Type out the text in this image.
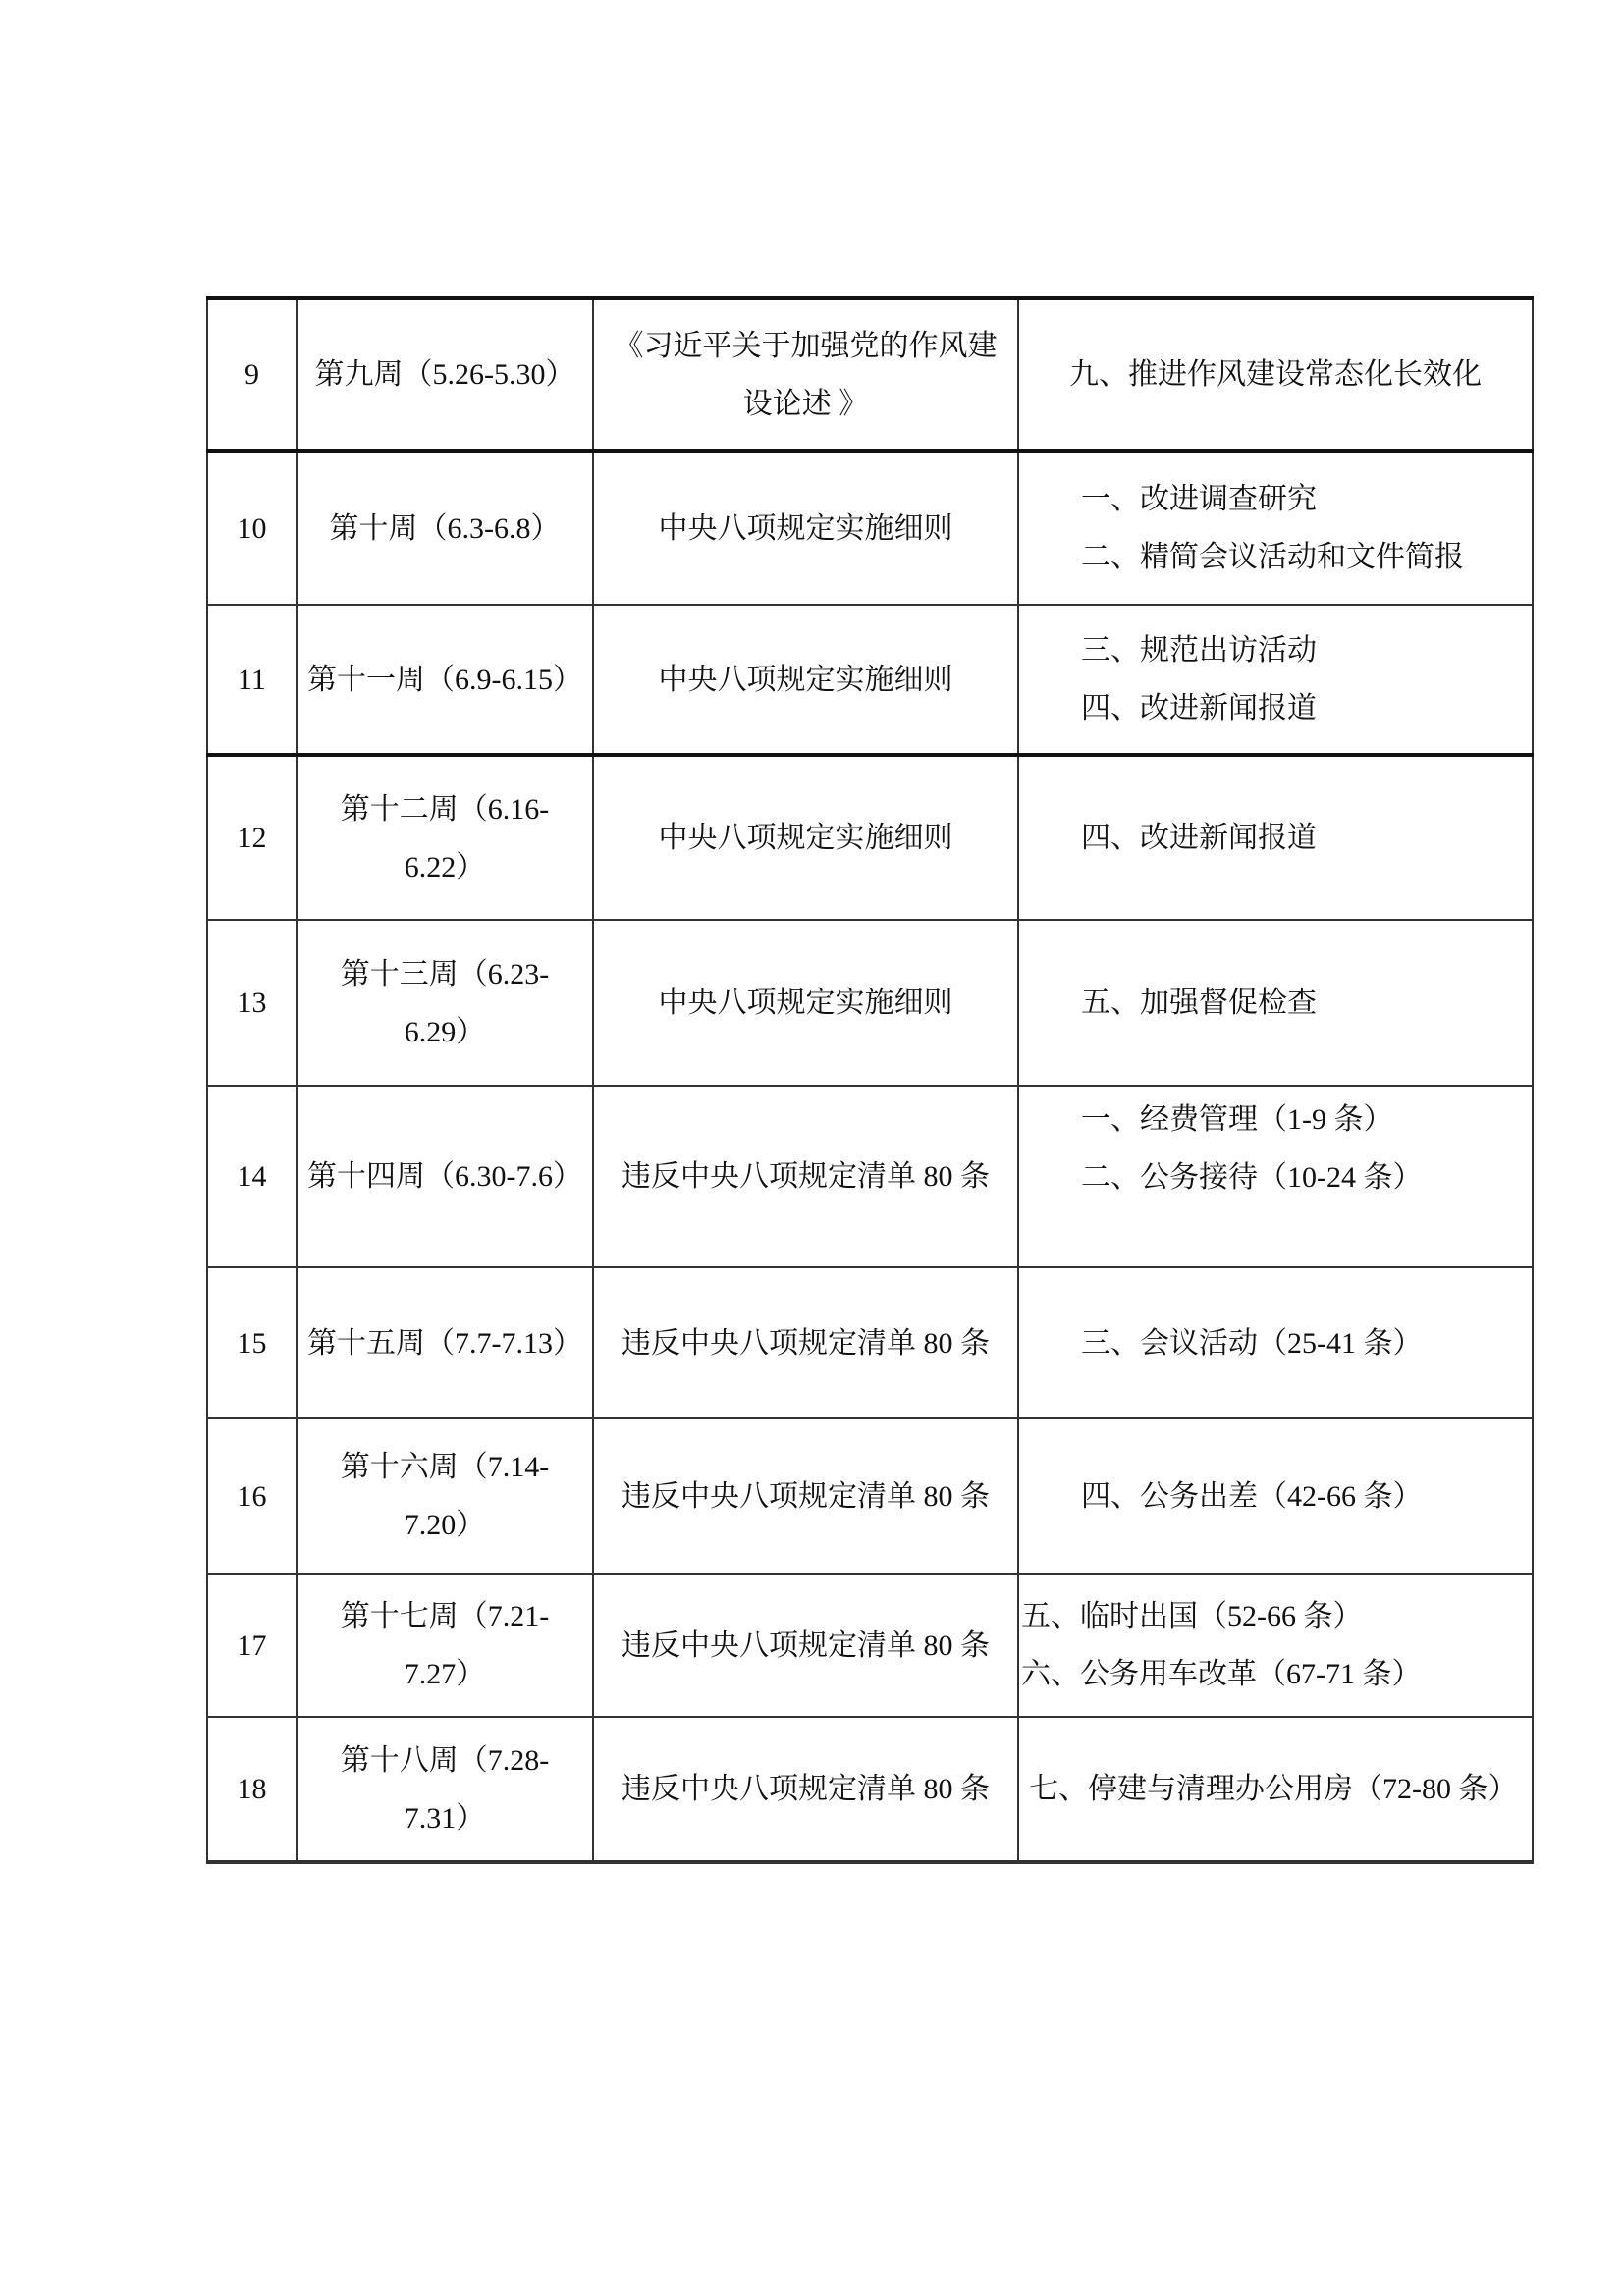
9	第九周（5.26-5.30）	《习近平关于加强党的作风建设论述 》	九、推进作风建设常态化长效化

10	第十周（6.3-6.8）	中央八项规定实施细则	一、改进调查研究
二、精简会议活动和文件简报

11	第十一周（6.9-6.15）	中央八项规定实施细则	三、规范出访活动
四、改进新闻报道

12	第十二周（6.16-6.22）	中央八项规定实施细则	四、改进新闻报道

13	第十三周（6.23-6.29）	中央八项规定实施细则	五、加强督促检查

14	第十四周（6.30-7.6）	违反中央八项规定清单 80 条	一、经费管理（1-9 条）
二、公务接待（10-24 条）

15	第十五周（7.7-7.13）	违反中央八项规定清单 80 条	三、会议活动（25-41 条）

16	第十六周（7.14-7.20）	违反中央八项规定清单 80 条	四、公务出差（42-66 条）

17	第十七周（7.21-7.27）	违反中央八项规定清单 80 条	五、临时出国（52-66 条）
六、公务用车改革（67-71 条）

18	第十八周（7.28-7.31）	违反中央八项规定清单 80 条	七、停建与清理办公用房（72-80 条）
